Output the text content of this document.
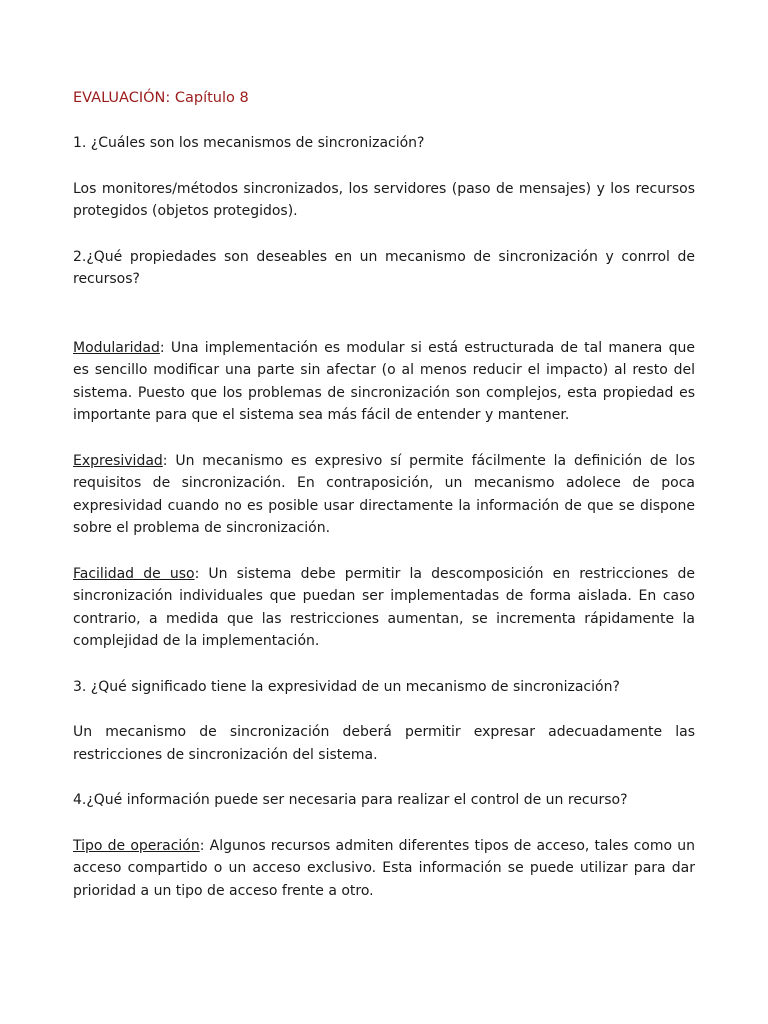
EVALUACIÓN: Capítulo 8
1. ¿Cuáles son los mecanismos de sincronización?
Los monitores/métodos sincronizados, los servidores (paso de mensajes) y los recursos protegidos (objetos protegidos).
2.¿Qué propiedades son deseables en un mecanismo de sincronización y conrrol de recursos?
Modularidad: Una implementación es modular si está estructurada de tal manera que es sencillo modificar una parte sin afectar (o al menos reducir el impacto) al resto del sistema. Puesto que los problemas de sincronización son complejos, esta propiedad es importante para que el sistema sea más fácil de entender y mantener.
Expresividad: Un mecanismo es expresivo sí permite fácilmente la definición de los requisitos de sincronización. En contraposición, un mecanismo adolece de poca expresividad cuando no es posible usar directamente la información de que se dispone sobre el problema de sincronización.
Facilidad de uso: Un sistema debe permitir la descomposición en restricciones de sincronización individuales que puedan ser implementadas de forma aislada. En caso contrario, a medida que las restricciones aumentan, se incrementa rápidamente la complejidad de la implementación.
3. ¿Qué significado tiene la expresividad de un mecanismo de sincronización?
Un mecanismo de sincronización deberá permitir expresar adecuadamente las restricciones de sincronización del sistema.
4.¿Qué información puede ser necesaria para realizar el control de un recurso?
Tipo de operación: Algunos recursos admiten diferentes tipos de acceso, tales como un acceso compartido o un acceso exclusivo. Esta información se puede utilizar para dar prioridad a un tipo de acceso frente a otro.
